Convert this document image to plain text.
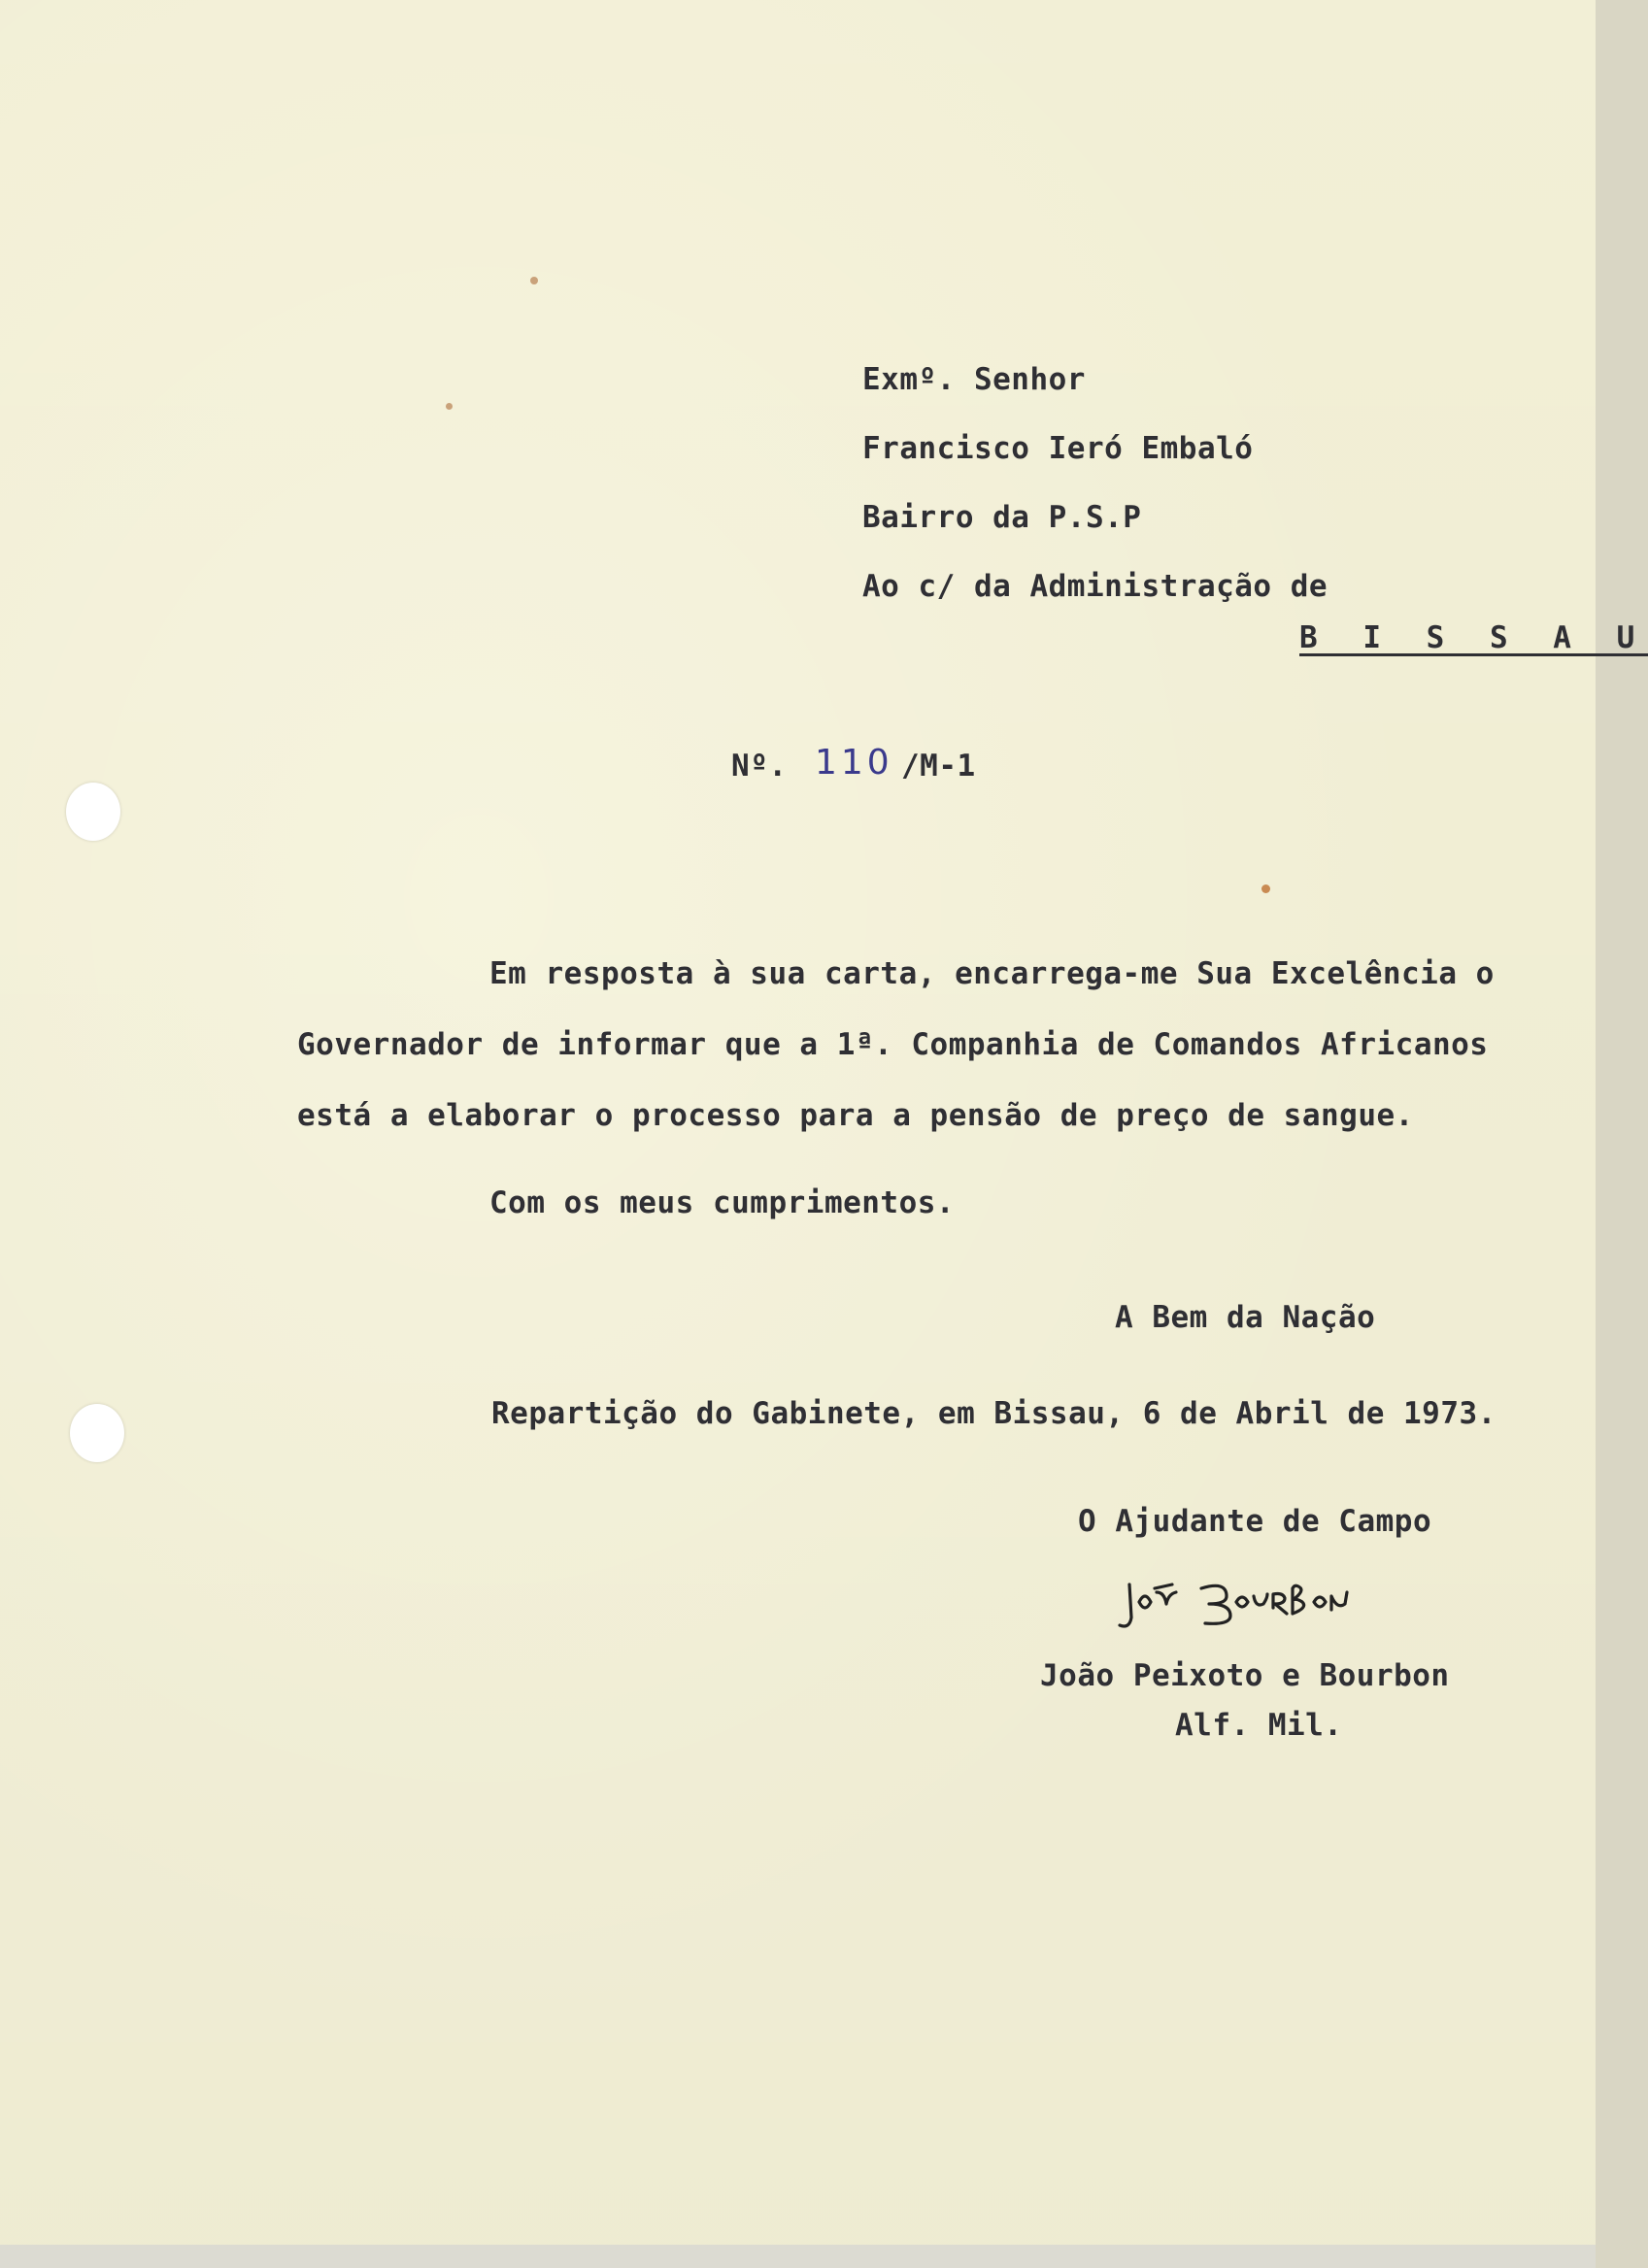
Exmº. Senhor
Francisco Ieró Embaló
Bairro da P.S.P
Ao c/ da Administração de
B I S S A U
Nº. 110 /M-1
Em resposta à sua carta, encarrega-me Sua Excelência o
Governador de informar que a 1ª. Companhia de Comandos Africanos
está a elaborar o processo para a pensão de preço de sangue.
Com os meus cumprimentos.
A Bem da Nação
Repartição do Gabinete, em Bissau, 6 de Abril de 1973.
O Ajudante de Campo
João Peixoto e Bourbon
Alf. Mil.
